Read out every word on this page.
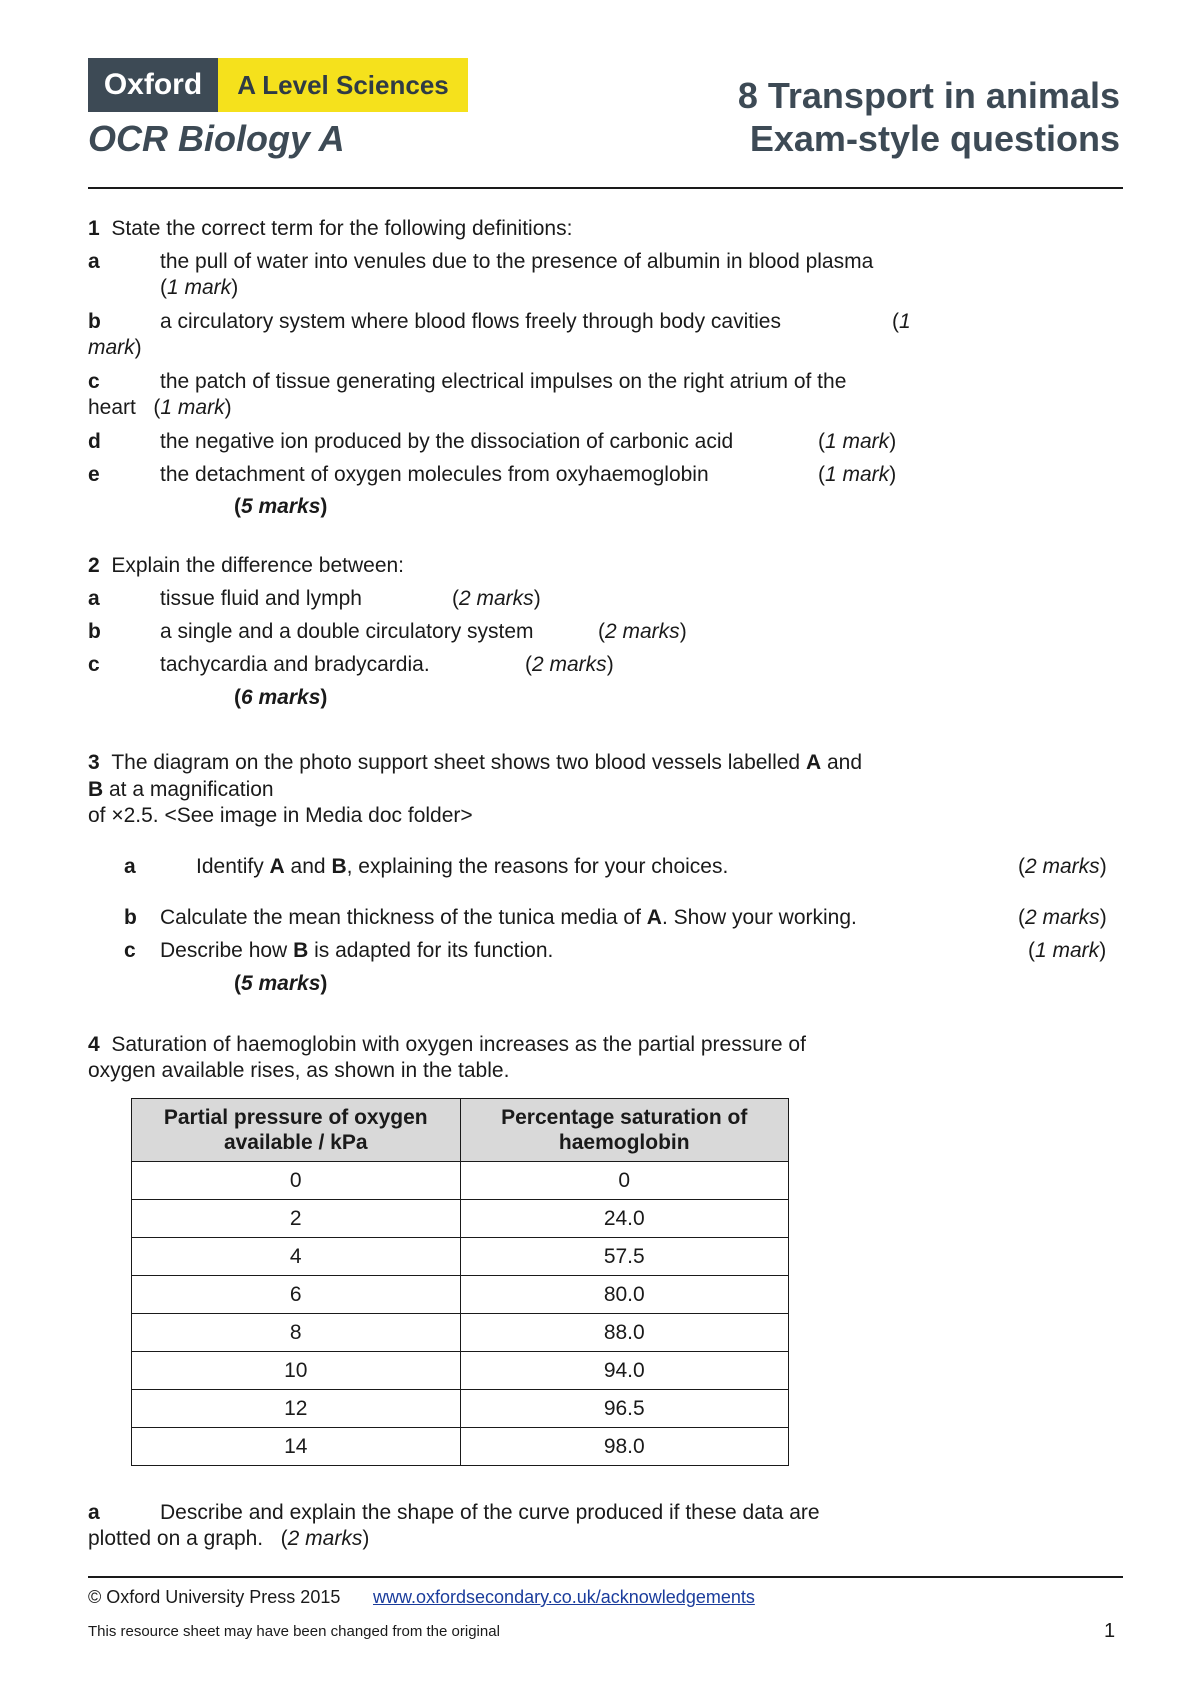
Oxford	A Level Sciences
OCR Biology A
8 Transport in animals
Exam-style questions
1 State the correct term for the following definitions:
a	the pull of water into venules due to the presence of albumin in blood plasma
(1 mark)
b	a circulatory system where blood flows freely through body cavities	(1
mark)
c	the patch of tissue generating electrical impulses on the right atrium of the
heart (1 mark)
d	the negative ion produced by the dissociation of carbonic acid	(1 mark)
e	the detachment of oxygen molecules from oxyhaemoglobin	(1 mark)
(5 marks)
2 Explain the difference between:
a	tissue fluid and lymph	(2 marks)
b	a single and a double circulatory system	(2 marks)
c	tachycardia and bradycardia.	(2 marks)
(6 marks)
3 The diagram on the photo support sheet shows two blood vessels labelled A and
B at a magnification
of ×2.5. <See image in Media doc folder>
a	Identify A and B, explaining the reasons for your choices.	(2 marks)
b Calculate the mean thickness of the tunica media of A. Show your working.	(2 marks)
c Describe how B is adapted for its function.	(1 mark)
(5 marks)
4 Saturation of haemoglobin with oxygen increases as the partial pressure of
oxygen available rises, as shown in the table.
Partial pressure of oxygen available / kPa	Percentage saturation of haemoglobin
0	0
2	24.0
4	57.5
6	80.0
8	88.0
10	94.0
12	96.5
14	98.0
a	Describe and explain the shape of the curve produced if these data are
plotted on a graph. (2 marks)
© Oxford University Press 2015 www.oxfordsecondary.co.uk/acknowledgements
This resource sheet may have been changed from the original	1
